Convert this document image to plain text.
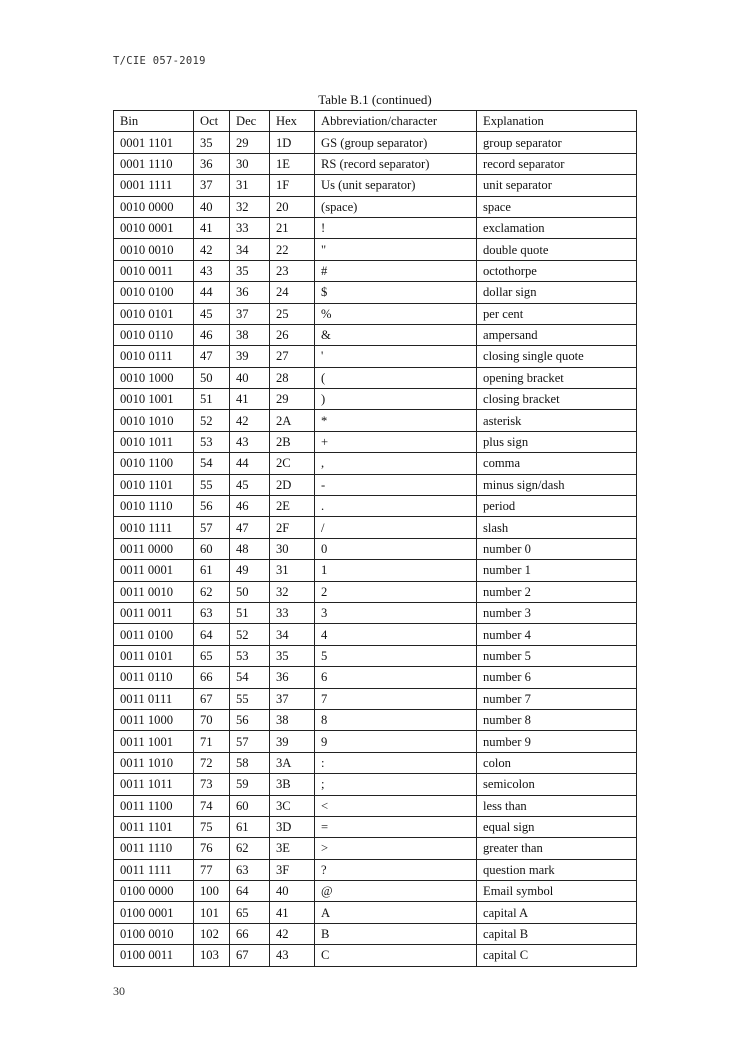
T/CIE 057-2019
Table B.1 (continued)
Bin	Oct	Dec	Hex	Abbreviation/character	Explanation
0001 1101	35	29	1D	GS (group separator)	group separator
0001 1110	36	30	1E	RS (record separator)	record separator
0001 1111	37	31	1F	Us (unit separator)	unit separator
0010 0000	40	32	20	(space)	space
0010 0001	41	33	21	!	exclamation
0010 0010	42	34	22	"	double quote
0010 0011	43	35	23	#	octothorpe
0010 0100	44	36	24	$	dollar sign
0010 0101	45	37	25	%	per cent
0010 0110	46	38	26	&	ampersand
0010 0111	47	39	27	'	closing single quote
0010 1000	50	40	28	(	opening bracket
0010 1001	51	41	29	)	closing bracket
0010 1010	52	42	2A	*	asterisk
0010 1011	53	43	2B	+	plus sign
0010 1100	54	44	2C	,	comma
0010 1101	55	45	2D	-	minus sign/dash
0010 1110	56	46	2E	.	period
0010 1111	57	47	2F	/	slash
0011 0000	60	48	30	0	number 0
0011 0001	61	49	31	1	number 1
0011 0010	62	50	32	2	number 2
0011 0011	63	51	33	3	number 3
0011 0100	64	52	34	4	number 4
0011 0101	65	53	35	5	number 5
0011 0110	66	54	36	6	number 6
0011 0111	67	55	37	7	number 7
0011 1000	70	56	38	8	number 8
0011 1001	71	57	39	9	number 9
0011 1010	72	58	3A	:	colon
0011 1011	73	59	3B	;	semicolon
0011 1100	74	60	3C	<	less than
0011 1101	75	61	3D	=	equal sign
0011 1110	76	62	3E	>	greater than
0011 1111	77	63	3F	?	question mark
0100 0000	100	64	40	@	Email symbol
0100 0001	101	65	41	A	capital A
0100 0010	102	66	42	B	capital B
0100 0011	103	67	43	C	capital C
30
